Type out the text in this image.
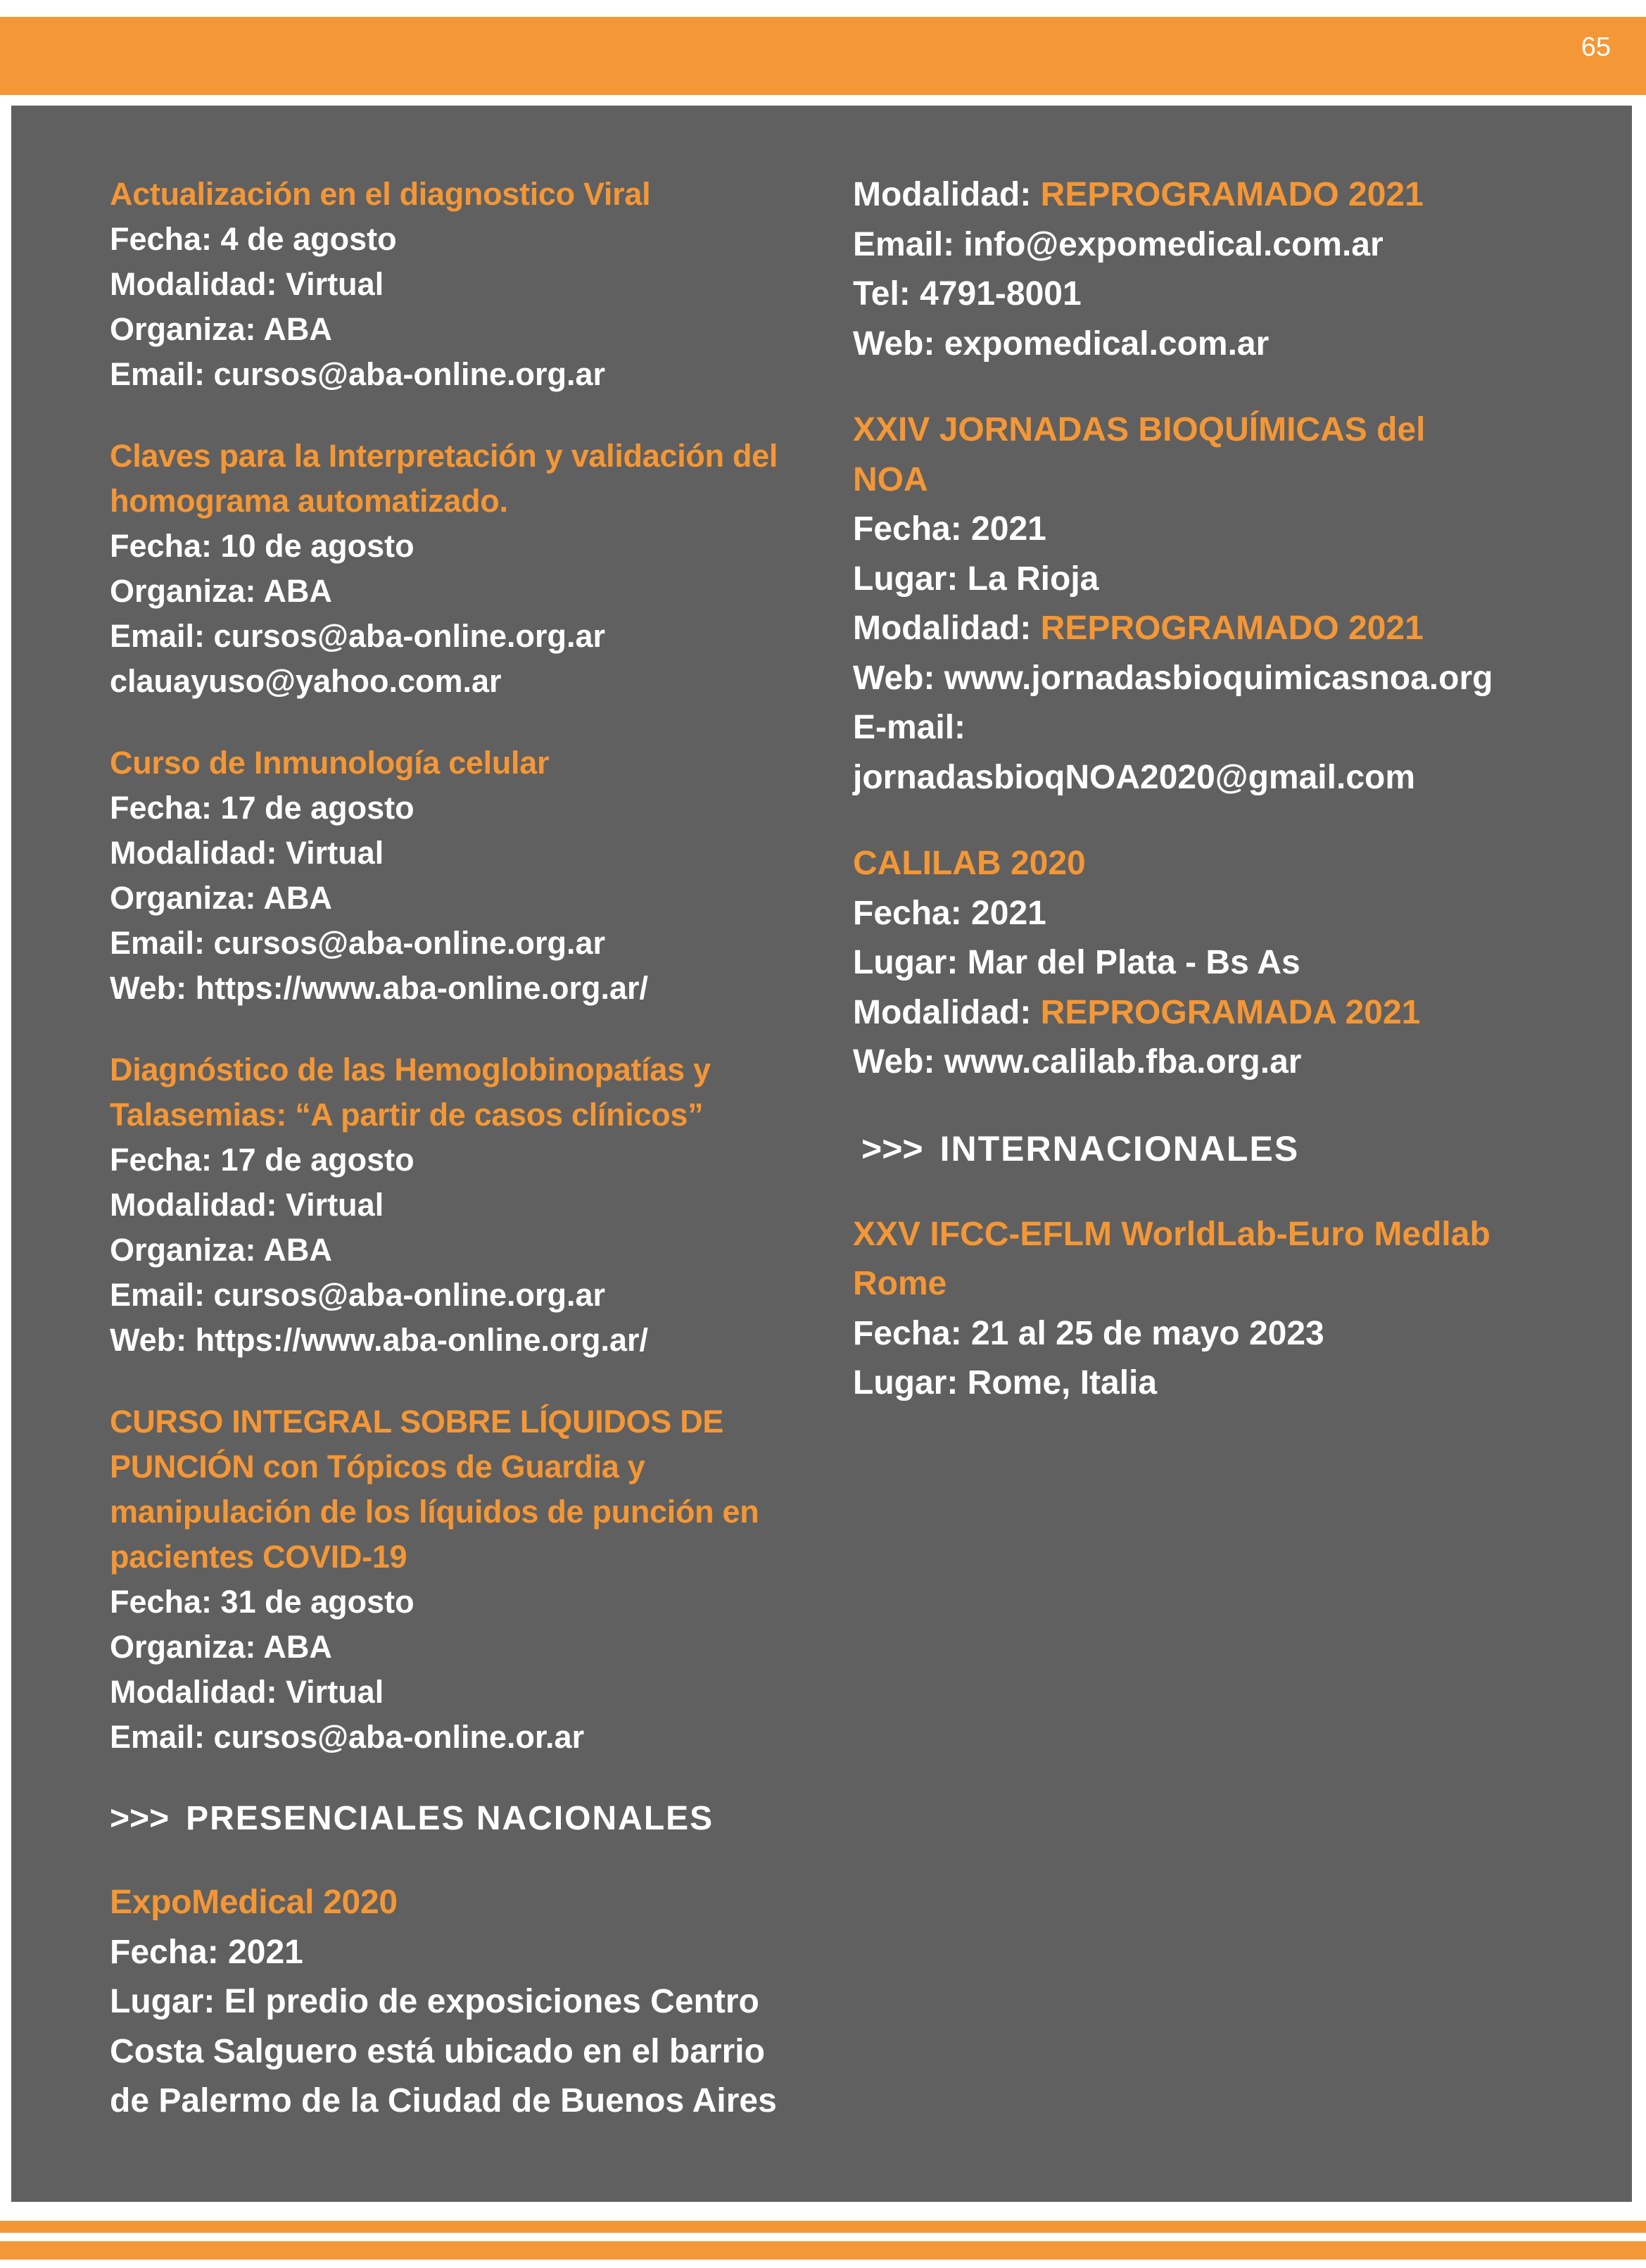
65
Actualización en el diagnostico Viral
Fecha: 4 de agosto
Modalidad: Virtual
Organiza: ABA
Email: cursos@aba-online.org.ar
Claves para la Interpretación y validación del homograma automatizado.
Fecha: 10 de agosto
Organiza: ABA
Email: cursos@aba-online.org.ar
clauayuso@yahoo.com.ar
Curso de Inmunología celular
Fecha: 17 de agosto
Modalidad: Virtual
Organiza: ABA
Email: cursos@aba-online.org.ar
Web: https://www.aba-online.org.ar/
Diagnóstico de las Hemoglobinopatías y Talasemias: “A partir de casos clínicos”
Fecha: 17 de agosto
Modalidad: Virtual
Organiza: ABA
Email: cursos@aba-online.org.ar
Web: https://www.aba-online.org.ar/
CURSO INTEGRAL SOBRE LÍQUIDOS DE PUNCIÓN con Tópicos de Guardia y manipulación de los líquidos de punción en pacientes COVID-19
Fecha: 31 de agosto
Organiza: ABA
Modalidad: Virtual
Email: cursos@aba-online.or.ar
>>> PRESENCIALES NACIONALES
ExpoMedical 2020
Fecha: 2021
Lugar: El predio de exposiciones Centro
Costa Salguero está ubicado en el barrio
de Palermo de la Ciudad de Buenos Aires
Modalidad: REPROGRAMADO 2021
Email: info@expomedical.com.ar
Tel: 4791-8001
Web: expomedical.com.ar
XXIV JORNADAS BIOQUÍMICAS del
NOA
Fecha: 2021
Lugar: La Rioja
Modalidad: REPROGRAMADO 2021
Web: www.jornadasbioquimicasnoa.org
E-mail:
jornadasbioqNOA2020@gmail.com
CALILAB 2020
Fecha: 2021
Lugar: Mar del Plata - Bs As
Modalidad: REPROGRAMADA 2021
Web: www.calilab.fba.org.ar
>>> INTERNACIONALES
XXV IFCC-EFLM WorldLab-Euro Medlab
Rome
Fecha: 21 al 25 de mayo 2023
Lugar: Rome, Italia
